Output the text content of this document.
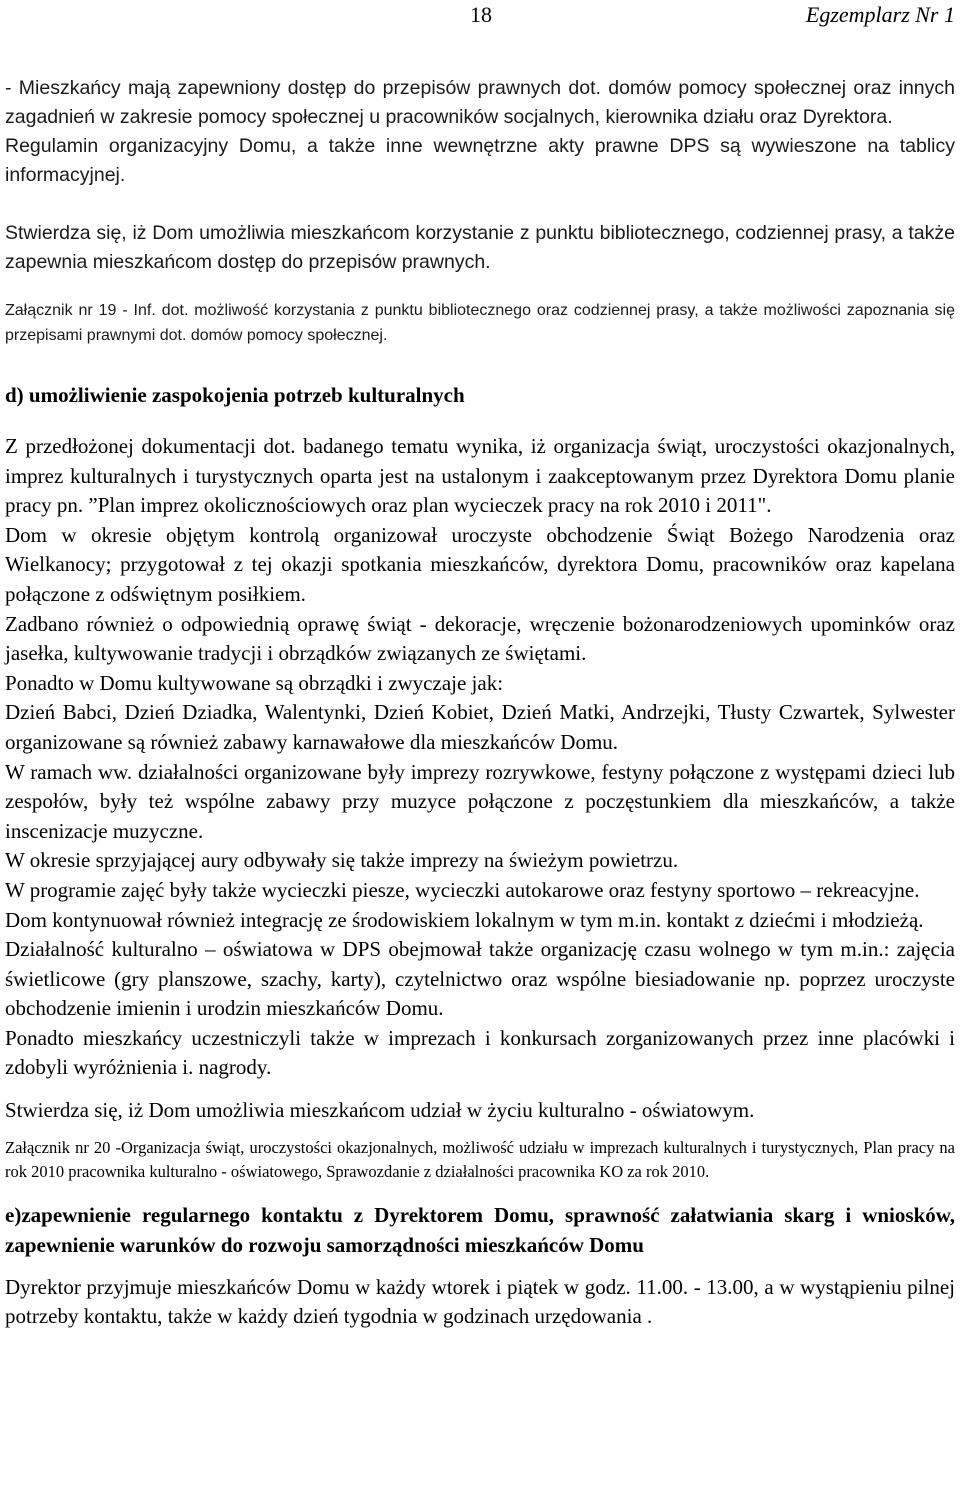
18	Egzemplarz Nr 1

- Mieszkańcy mają zapewniony dostęp do przepisów prawnych dot. domów pomocy społecznej oraz innych zagadnień w zakresie pomocy społecznej u pracowników socjalnych, kierownika działu oraz Dyrektora.

Regulamin organizacyjny Domu, a także inne wewnętrzne akty prawne DPS są wywieszone na tablicy informacyjnej.

Stwierdza się, iż Dom umożliwia mieszkańcom korzystanie z punktu bibliotecznego, codziennej prasy, a także zapewnia mieszkańcom dostęp do przepisów prawnych.

Załącznik nr 19 - Inf. dot. możliwość korzystania z punktu bibliotecznego oraz codziennej prasy, a także możliwości zapoznania się przepisami prawnymi dot. domów pomocy społecznej.

d) umożliwienie zaspokojenia potrzeb kulturalnych

Z przedłożonej dokumentacji dot. badanego tematu wynika, iż organizacja świąt, uroczystości okazjonalnych, imprez kulturalnych i turystycznych oparta jest na ustalonym i zaakceptowanym przez Dyrektora Domu planie pracy pn. ”Plan imprez okolicznościowych oraz plan wycieczek pracy na rok 2010 i 2011".

Dom w okresie objętym kontrolą organizował uroczyste obchodzenie Świąt Bożego Narodzenia oraz Wielkanocy; przygotował z tej okazji spotkania mieszkańców, dyrektora Domu, pracowników oraz kapelana połączone z odświętnym posiłkiem.

Zadbano również o odpowiednią oprawę świąt - dekoracje, wręczenie bożonarodzeniowych upominków oraz jasełka, kultywowanie tradycji i obrządków związanych ze świętami.

Ponadto w Domu kultywowane są obrządki i zwyczaje jak:

Dzień Babci, Dzień Dziadka, Walentynki, Dzień Kobiet, Dzień Matki, Andrzejki, Tłusty Czwartek, Sylwester organizowane są również zabawy karnawałowe dla mieszkańców Domu.

W ramach ww. działalności organizowane były imprezy rozrywkowe, festyny połączone z występami dzieci lub zespołów, były też wspólne zabawy przy muzyce połączone z poczęstunkiem dla mieszkańców, a także inscenizacje muzyczne.

W okresie sprzyjającej aury odbywały się także imprezy na świeżym powietrzu.

W programie zajęć były także wycieczki piesze, wycieczki autokarowe oraz festyny sportowo – rekreacyjne.

Dom kontynuował również integrację ze środowiskiem lokalnym w tym m.in. kontakt z dziećmi i młodzieżą.

Działalność kulturalno – oświatowa w DPS obejmował także organizację czasu wolnego w tym m.in.: zajęcia świetlicowe (gry planszowe, szachy, karty), czytelnictwo oraz wspólne biesiadowanie np. poprzez uroczyste obchodzenie imienin i urodzin mieszkańców Domu.

Ponadto mieszkańcy uczestniczyli także w imprezach i konkursach zorganizowanych przez inne placówki i zdobyli wyróżnienia i. nagrody.

Stwierdza się, iż Dom umożliwia mieszkańcom udział w życiu kulturalno - oświatowym.

Załącznik nr 20 -Organizacja świąt, uroczystości okazjonalnych, możliwość udziału w imprezach kulturalnych i turystycznych, Plan pracy na rok 2010 pracownika kulturalno - oświatowego, Sprawozdanie z działalności pracownika KO za rok 2010.

e)zapewnienie regularnego kontaktu z Dyrektorem Domu, sprawność załatwiania skarg i wniosków, zapewnienie warunków do rozwoju samorządności mieszkańców Domu

Dyrektor przyjmuje mieszkańców Domu w każdy wtorek i piątek w godz. 11.00. - 13.00, a w wystąpieniu pilnej potrzeby kontaktu, także w każdy dzień tygodnia w godzinach urzędowania .
